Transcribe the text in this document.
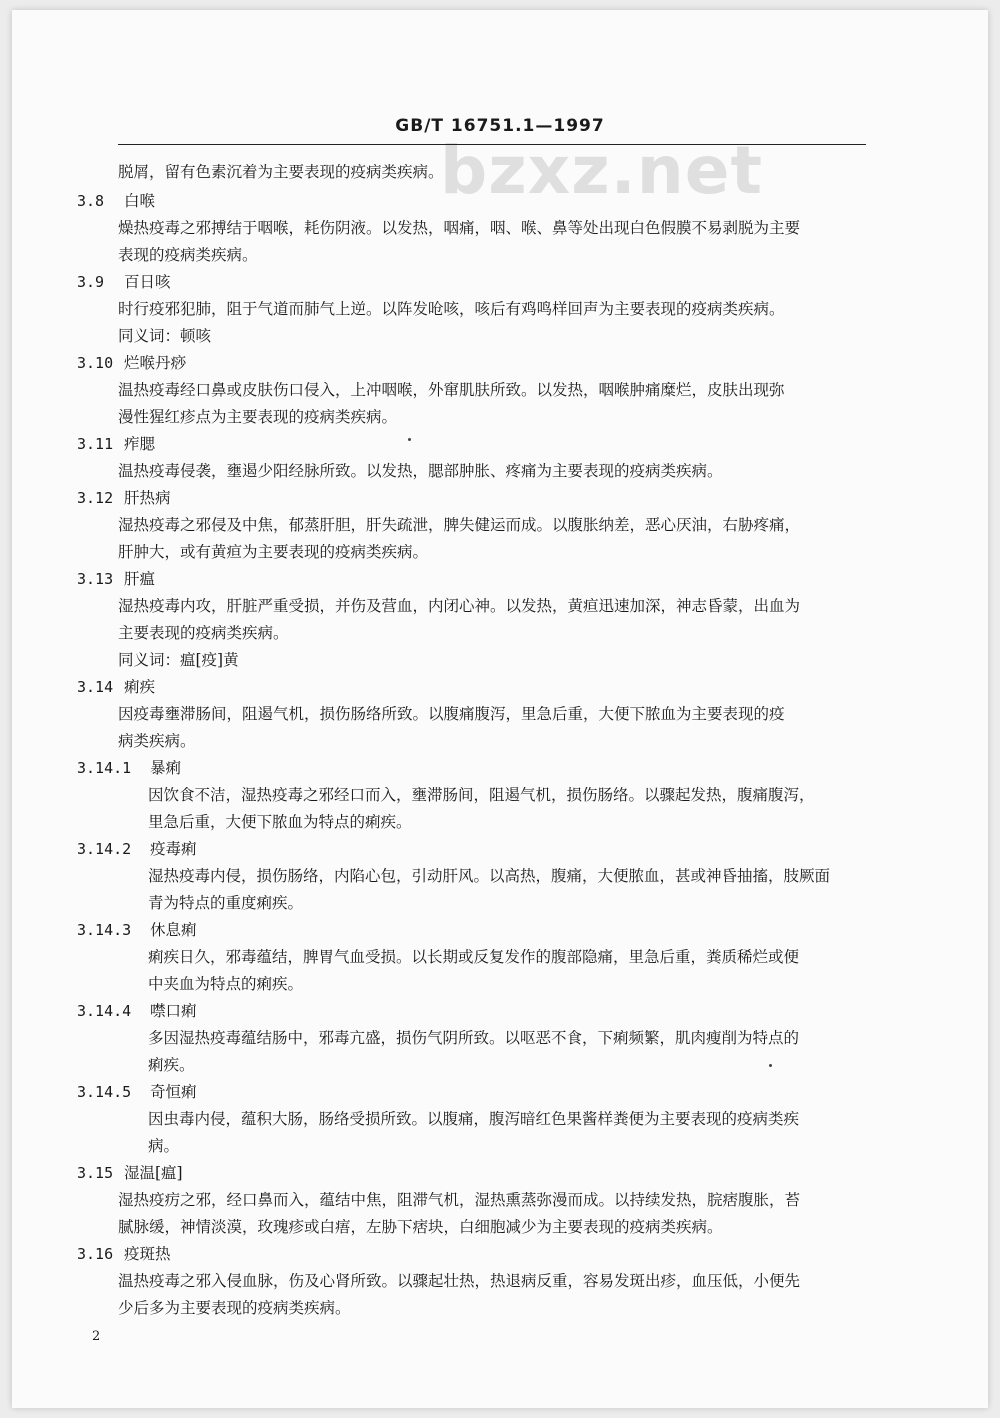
bzxz.net
GB/T 16751.1—1997
脱屑，留有色素沉着为主要表现的疫病类疾病。
3.8 白喉
燥热疫毒之邪搏结于咽喉，耗伤阴液。以发热，咽痛，咽、喉、鼻等处出现白色假膜不易剥脱为主要
表现的疫病类疾病。
3.9 百日咳
时行疫邪犯肺，阻于气道而肺气上逆。以阵发呛咳，咳后有鸡鸣样回声为主要表现的疫病类疾病。
同义词：顿咳
3.10 烂喉丹痧
温热疫毒经口鼻或皮肤伤口侵入，上冲咽喉，外窜肌肤所致。以发热，咽喉肿痛糜烂，皮肤出现弥
漫性猩红疹点为主要表现的疫病类疾病。
3.11 痄腮
温热疫毒侵袭，壅遏少阳经脉所致。以发热，腮部肿胀、疼痛为主要表现的疫病类疾病。
3.12 肝热病
湿热疫毒之邪侵及中焦，郁蒸肝胆，肝失疏泄，脾失健运而成。以腹胀纳差，恶心厌油，右胁疼痛，
肝肿大，或有黄疸为主要表现的疫病类疾病。
3.13 肝瘟
湿热疫毒内攻，肝脏严重受损，并伤及营血，内闭心神。以发热，黄疸迅速加深，神志昏蒙，出血为
主要表现的疫病类疾病。
同义词：瘟[疫]黄
3.14 痢疾
因疫毒壅滞肠间，阻遏气机，损伤肠络所致。以腹痛腹泻，里急后重，大便下脓血为主要表现的疫
病类疾病。
3.14.1 暴痢
因饮食不洁，湿热疫毒之邪经口而入，壅滞肠间，阻遏气机，损伤肠络。以骤起发热，腹痛腹泻，
里急后重，大便下脓血为特点的痢疾。
3.14.2 疫毒痢
湿热疫毒内侵，损伤肠络，内陷心包，引动肝风。以高热，腹痛，大便脓血，甚或神昏抽搐，肢厥面
青为特点的重度痢疾。
3.14.3 休息痢
痢疾日久，邪毒蕴结，脾胃气血受损。以长期或反复发作的腹部隐痛，里急后重，粪质稀烂或便
中夹血为特点的痢疾。
3.14.4 噤口痢
多因湿热疫毒蕴结肠中，邪毒亢盛，损伤气阴所致。以呕恶不食，下痢频繁，肌肉瘦削为特点的
痢疾。
3.14.5 奇恒痢
因虫毒内侵，蕴积大肠，肠络受损所致。以腹痛，腹泻暗红色果酱样粪便为主要表现的疫病类疾
病。
3.15 湿温[瘟]
湿热疫疠之邪，经口鼻而入，蕴结中焦，阻滞气机，湿热熏蒸弥漫而成。以持续发热，脘痞腹胀，苔
腻脉缓，神情淡漠，玫瑰疹或白痦，左胁下痞块，白细胞减少为主要表现的疫病类疾病。
3.16 疫斑热
温热疫毒之邪入侵血脉，伤及心肾所致。以骤起壮热，热退病反重，容易发斑出疹，血压低，小便先
少后多为主要表现的疫病类疾病。
2
